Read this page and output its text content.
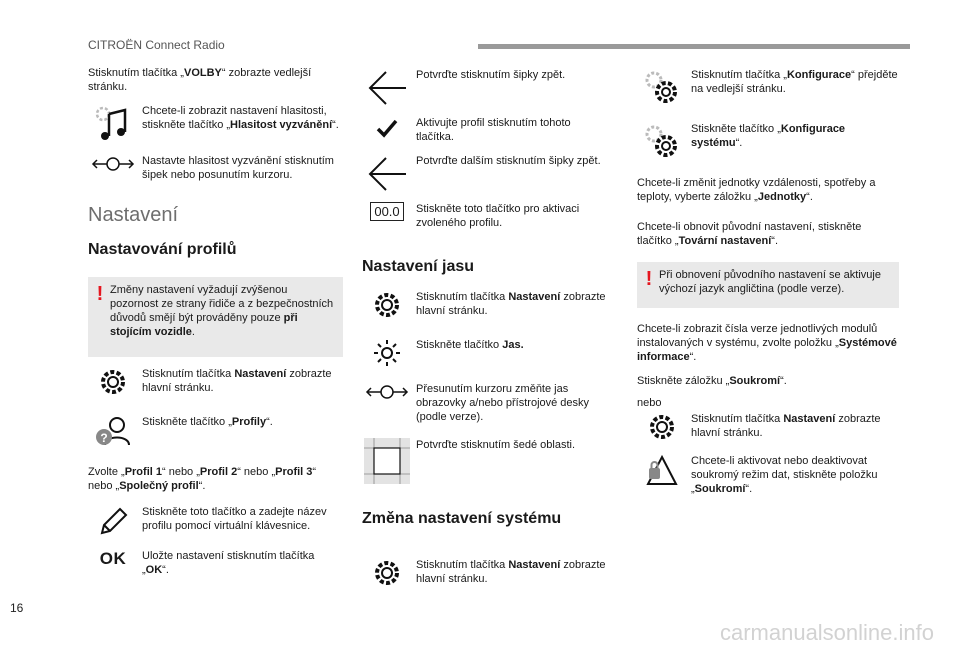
CITROËN Connect Radio

Stisknutím tlačítka „VOLBY“ zobrazte vedlejší stránku.

Chcete-li zobrazit nastavení hlasitosti, stiskněte tlačítko „Hlasitost vyzvánění“.

Nastavte hlasitost vyzvánění stisknutím šipek nebo posunutím kurzoru.

Nastavení
Nastavování profilů
! Změny nastavení vyžadují zvýšenou pozornost ze strany řidiče a z bezpečnostních důvodů smějí být prováděny pouze při stojícím vozidle.

Stisknutím tlačítka Nastavení zobrazte hlavní stránku.

?

Stiskněte tlačítko „Profily“.

Zvolte „Profil 1“ nebo „Profil 2“ nebo „Profil 3“ nebo „Společný profil“.

Stiskněte toto tlačítko a zadejte název profilu pomocí virtuální klávesnice.

OK Uložte nastavení stisknutím tlačítka „OK“.

Potvrďte stisknutím šipky zpět.

Aktivujte profil stisknutím tohoto tlačítka.

Potvrďte dalším stisknutím šipky zpět.

00.0	Stiskněte toto tlačítko pro aktivaci zvoleného profilu.

Nastavení jasu

Stisknutím tlačítka Nastavení zobrazte hlavní stránku.

Stiskněte tlačítko Jas.

Přesunutím kurzoru změňte jas obrazovky a/nebo přístrojové desky (podle verze).

Potvrďte stisknutím šedé oblasti.

Změna nastavení systému

Stisknutím tlačítka Nastavení zobrazte hlavní stránku.

Stisknutím tlačítka „Konfigurace“ přejděte na vedlejší stránku.

Stiskněte tlačítko „Konfigurace systému“.

Chcete-li změnit jednotky vzdálenosti, spotřeby a teploty, vyberte záložku „Jednotky“.

Chcete-li obnovit původní nastavení, stiskněte tlačítko „Tovární nastavení“.

! Při obnovení původního nastavení se aktivuje výchozí jazyk angličtina (podle verze).

Chcete-li zobrazit čísla verze jednotlivých modulů instalovaných v systému, zvolte položku „Systémové informace“.

Stiskněte záložku „Soukromí“.

nebo

Stisknutím tlačítka Nastavení zobrazte hlavní stránku.

Chcete-li aktivovat nebo deaktivovat soukromý režim dat, stiskněte položku „Soukromí“.

16
carmanualsonline.info
